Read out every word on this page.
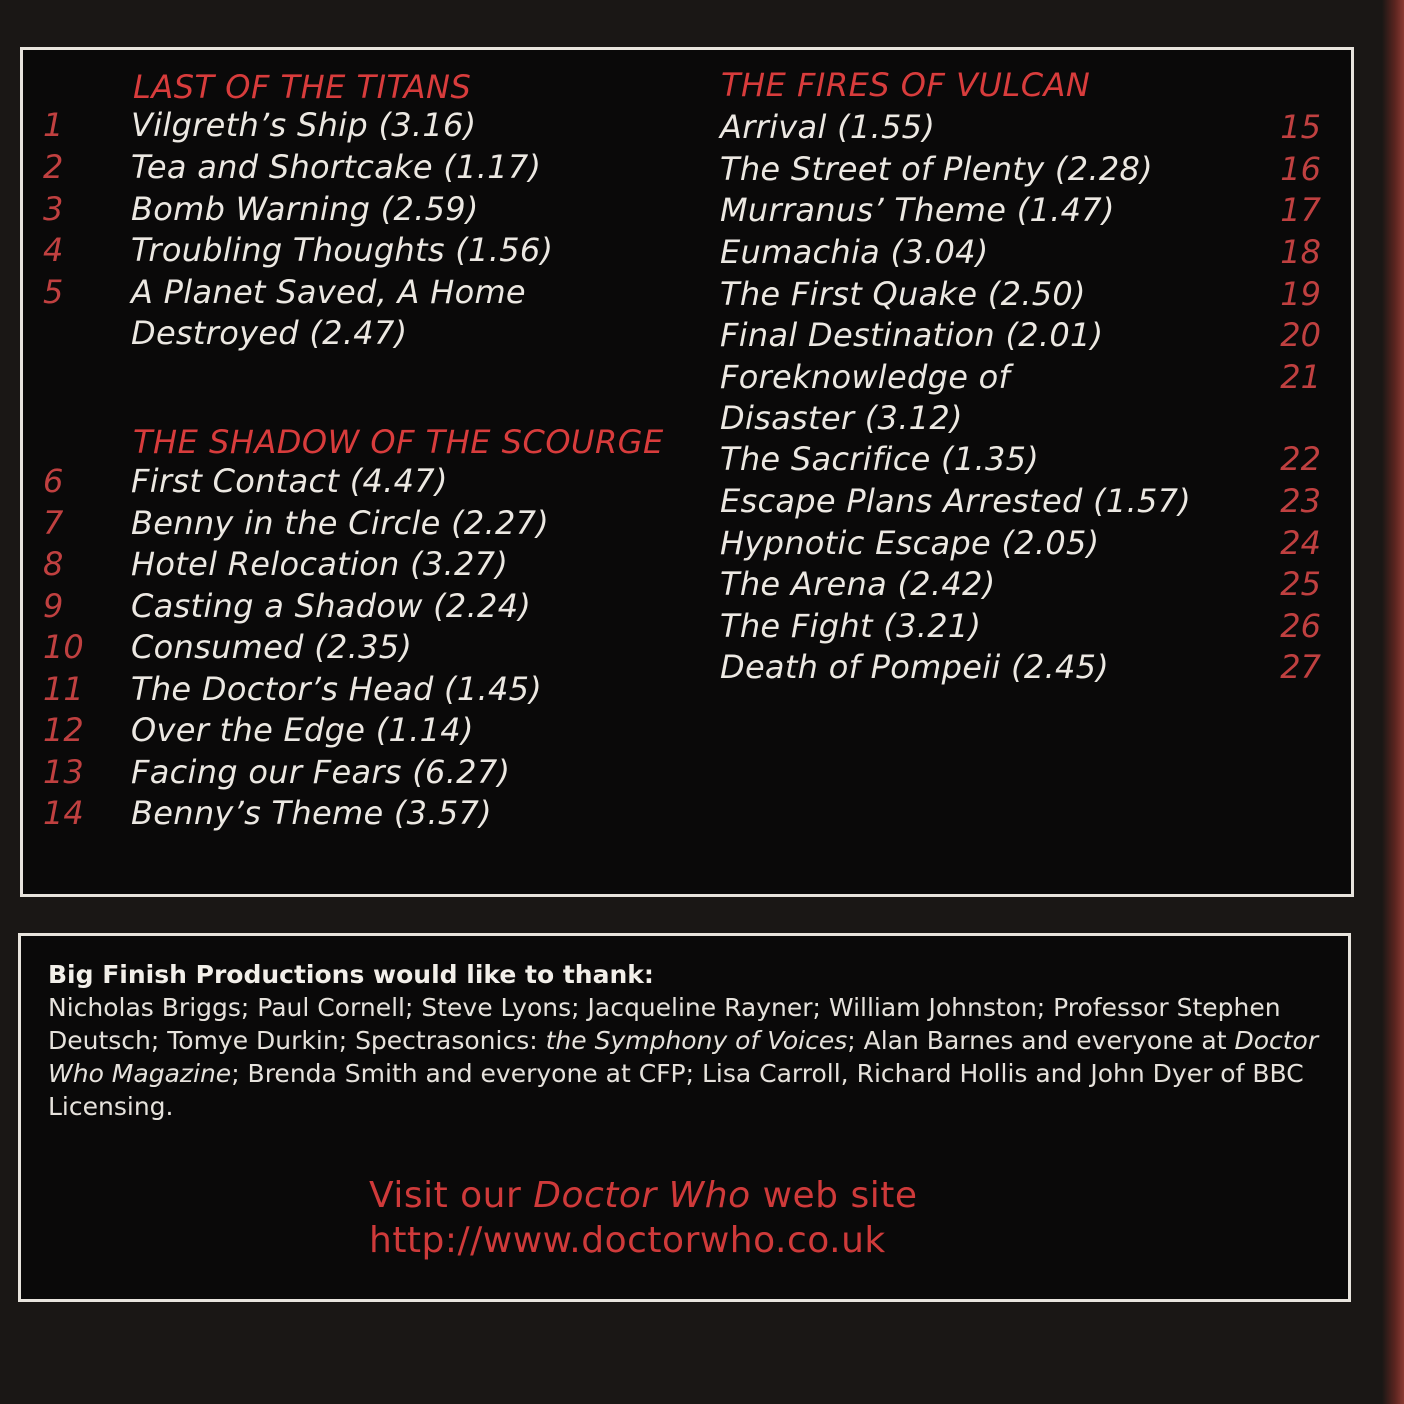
LAST OF THE TITANS
1 Vilgreth’s Ship (3.16)
2 Tea and Shortcake (1.17)
3 Bomb Warning (2.59)
4 Troubling Thoughts (1.56)
5 A Planet Saved, A Home
Destroyed (2.47)
THE SHADOW OF THE SCOURGE
6 First Contact (4.47)
7 Benny in the Circle (2.27)
8 Hotel Relocation (3.27)
9 Casting a Shadow (2.24)
10 Consumed (2.35)
11 The Doctor’s Head (1.45)
12 Over the Edge (1.14)
13 Facing our Fears (6.27)
14 Benny’s Theme (3.57)
THE FIRES OF VULCAN
Arrival (1.55)	15
The Street of Plenty (2.28)	16
Murranus’ Theme (1.47)	17
Eumachia (3.04)	18
The First Quake (2.50)	19
Final Destination (2.01)	20
Foreknowledge of	21
Disaster (3.12)
The Sacrifice (1.35)	22
Escape Plans Arrested (1.57)	23
Hypnotic Escape (2.05)	24
The Arena (2.42)	25
The Fight (3.21)	26
Death of Pompeii (2.45)	27
Big Finish Productions would like to thank:

Nicholas Briggs; Paul Cornell; Steve Lyons; Jacqueline Rayner; William Johnston; Professor Stephen Deutsch; Tomye Durkin; Spectrasonics: the Symphony of Voices; Alan Barnes and everyone at Doctor Who Magazine; Brenda Smith and everyone at CFP; Lisa Carroll, Richard Hollis and John Dyer of BBC Licensing.

Visit our Doctor Who web site

http://www.doctorwho.co.uk
